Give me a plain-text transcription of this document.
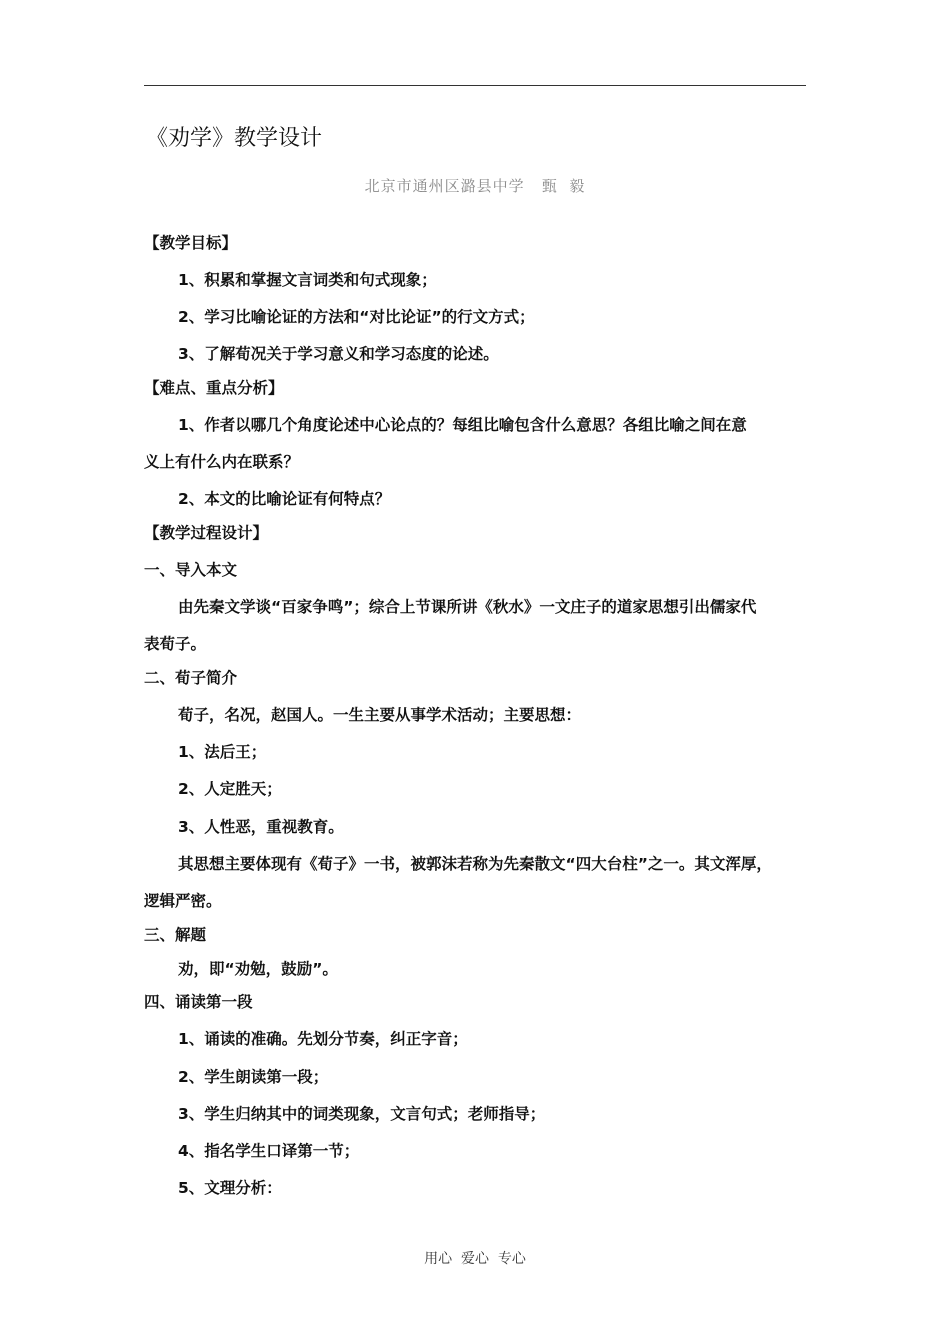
《劝学》教学设计
北京市通州区潞县中学   甄  毅
【教学目标】
1、积累和掌握文言词类和句式现象；
2、学习比喻论证的方法和“对比论证”的行文方式；
3、了解荀况关于学习意义和学习态度的论述。
【难点、重点分析】
1、作者以哪几个角度论述中心论点的？每组比喻包含什么意思？各组比喻之间在意
义上有什么内在联系？
2、本文的比喻论证有何特点？
【教学过程设计】
一、导入本文
由先秦文学谈“百家争鸣”；综合上节课所讲《秋水》一文庄子的道家思想引出儒家代
表荀子。
二、荀子简介
荀子，名况，赵国人。一生主要从事学术活动；主要思想：
1、法后王；
2、人定胜天；
3、人性恶，重视教育。
其思想主要体现有《荀子》一书，被郭沫若称为先秦散文“四大台柱”之一。其文浑厚，
逻辑严密。
三、解题
劝，即“劝勉，鼓励”。
四、诵读第一段
1、诵读的准确。先划分节奏，纠正字音；
2、学生朗读第一段；
3、学生归纳其中的词类现象，文言句式；老师指导；
4、指名学生口译第一节；
5、文理分析：
用心  爱心  专心
